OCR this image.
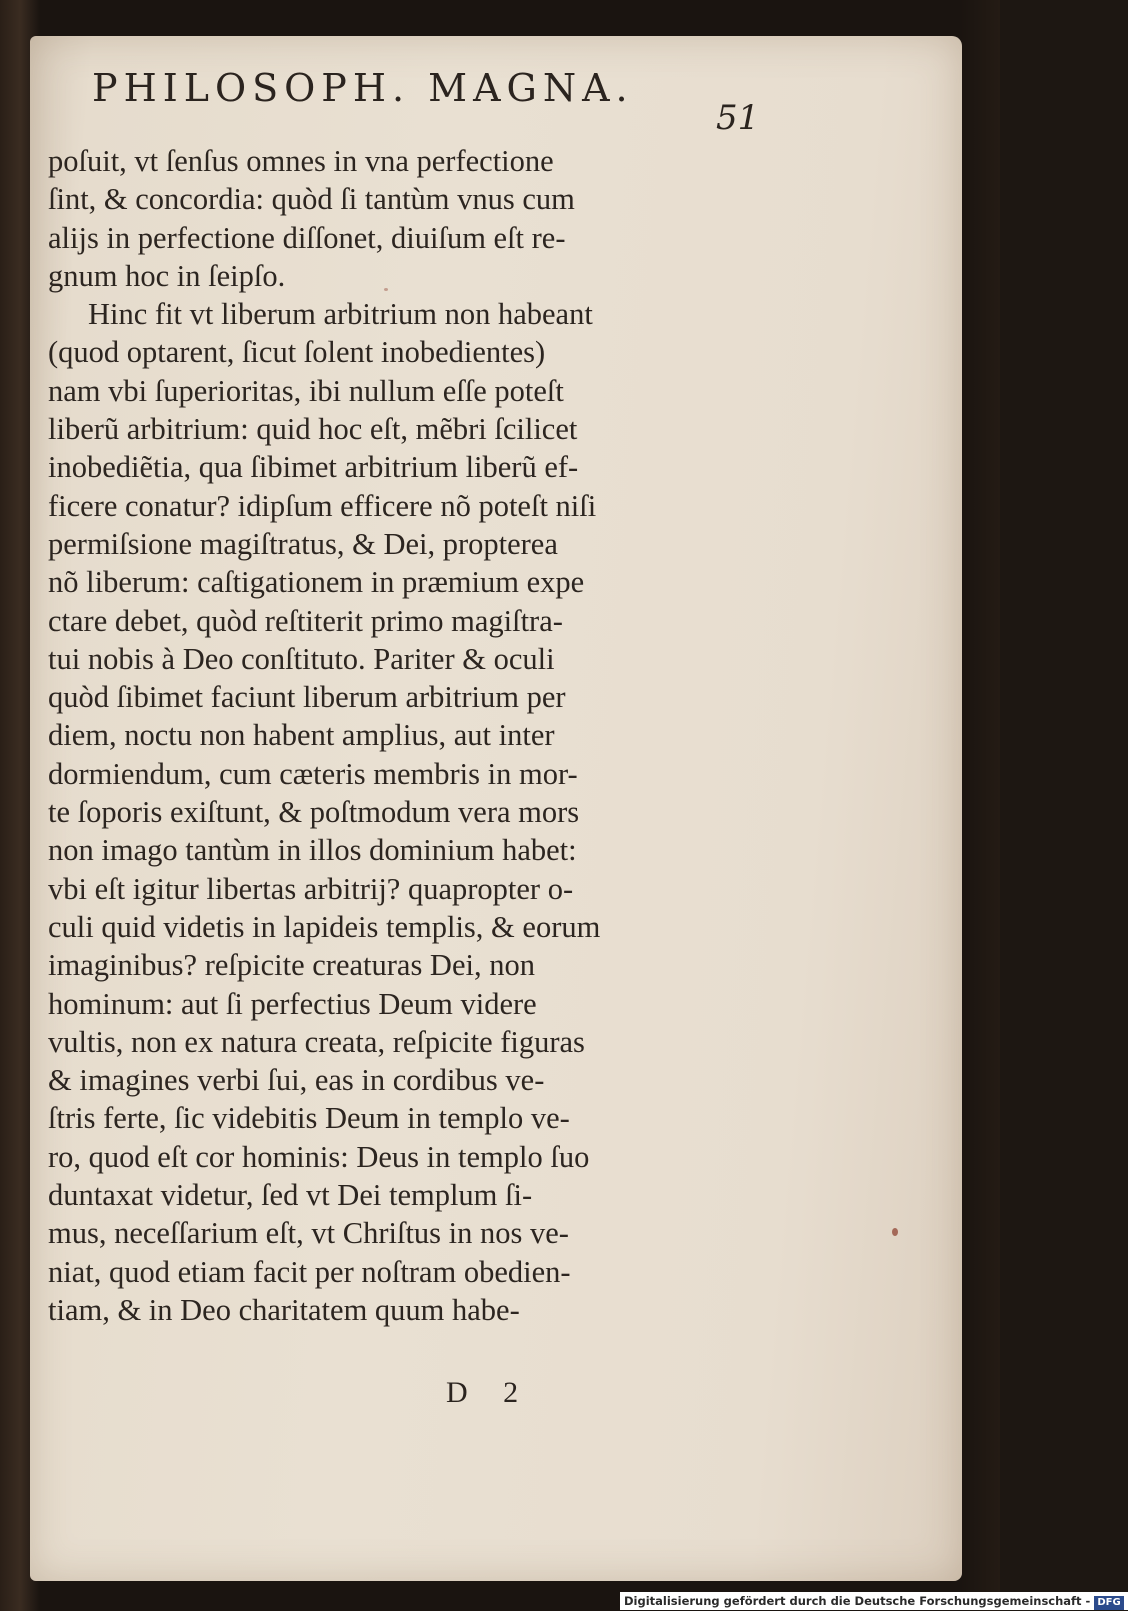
PHILOSOPH. MAGNA.
51
poſuit, vt ſenſus omnes in vna perfectione
ſint, & concordia: quòd ſi tantùm vnus cum
alijs in perfectione diſſonet, diuiſum eſt re-
gnum hoc in ſeipſo.
Hinc fit vt liberum arbitrium non habeant
(quod optarent, ſicut ſolent inobedientes)
nam vbi ſuperioritas, ibi nullum eſſe poteſt
liberũ arbitrium: quid hoc eſt, mẽbri ſcilicet
inobediẽtia, qua ſibimet arbitrium liberũ ef-
ficere conatur? idipſum efficere nõ poteſt niſi
permiſsione magiſtratus, & Dei, propterea
nõ liberum: caſtigationem in præmium expe
ctare debet, quòd reſtiterit primo magiſtra-
tui nobis à Deo conſtituto. Pariter & oculi
quòd ſibimet faciunt liberum arbitrium per
diem, noctu non habent amplius, aut inter
dormiendum, cum cæteris membris in mor-
te ſoporis exiſtunt, & poſtmodum vera mors
non imago tantùm in illos dominium habet:
vbi eſt igitur libertas arbitrij? quapropter o-
culi quid videtis in lapideis templis, & eorum
imaginibus? reſpicite creaturas Dei, non
hominum: aut ſi perfectius Deum videre
vultis, non ex natura creata, reſpicite figuras
& imagines verbi ſui, eas in cordibus ve-
ſtris ferte, ſic videbitis Deum in templo ve-
ro, quod eſt cor hominis: Deus in templo ſuo
duntaxat videtur, ſed vt Dei templum ſi-
mus, neceſſarium eſt, vt Chriſtus in nos ve-
niat, quod etiam facit per noſtram obedien-
tiam, & in Deo charitatem quum habe-
D 2
Digitalisierung gefördert durch die Deutsche Forschungsgemeinschaft - DFG
